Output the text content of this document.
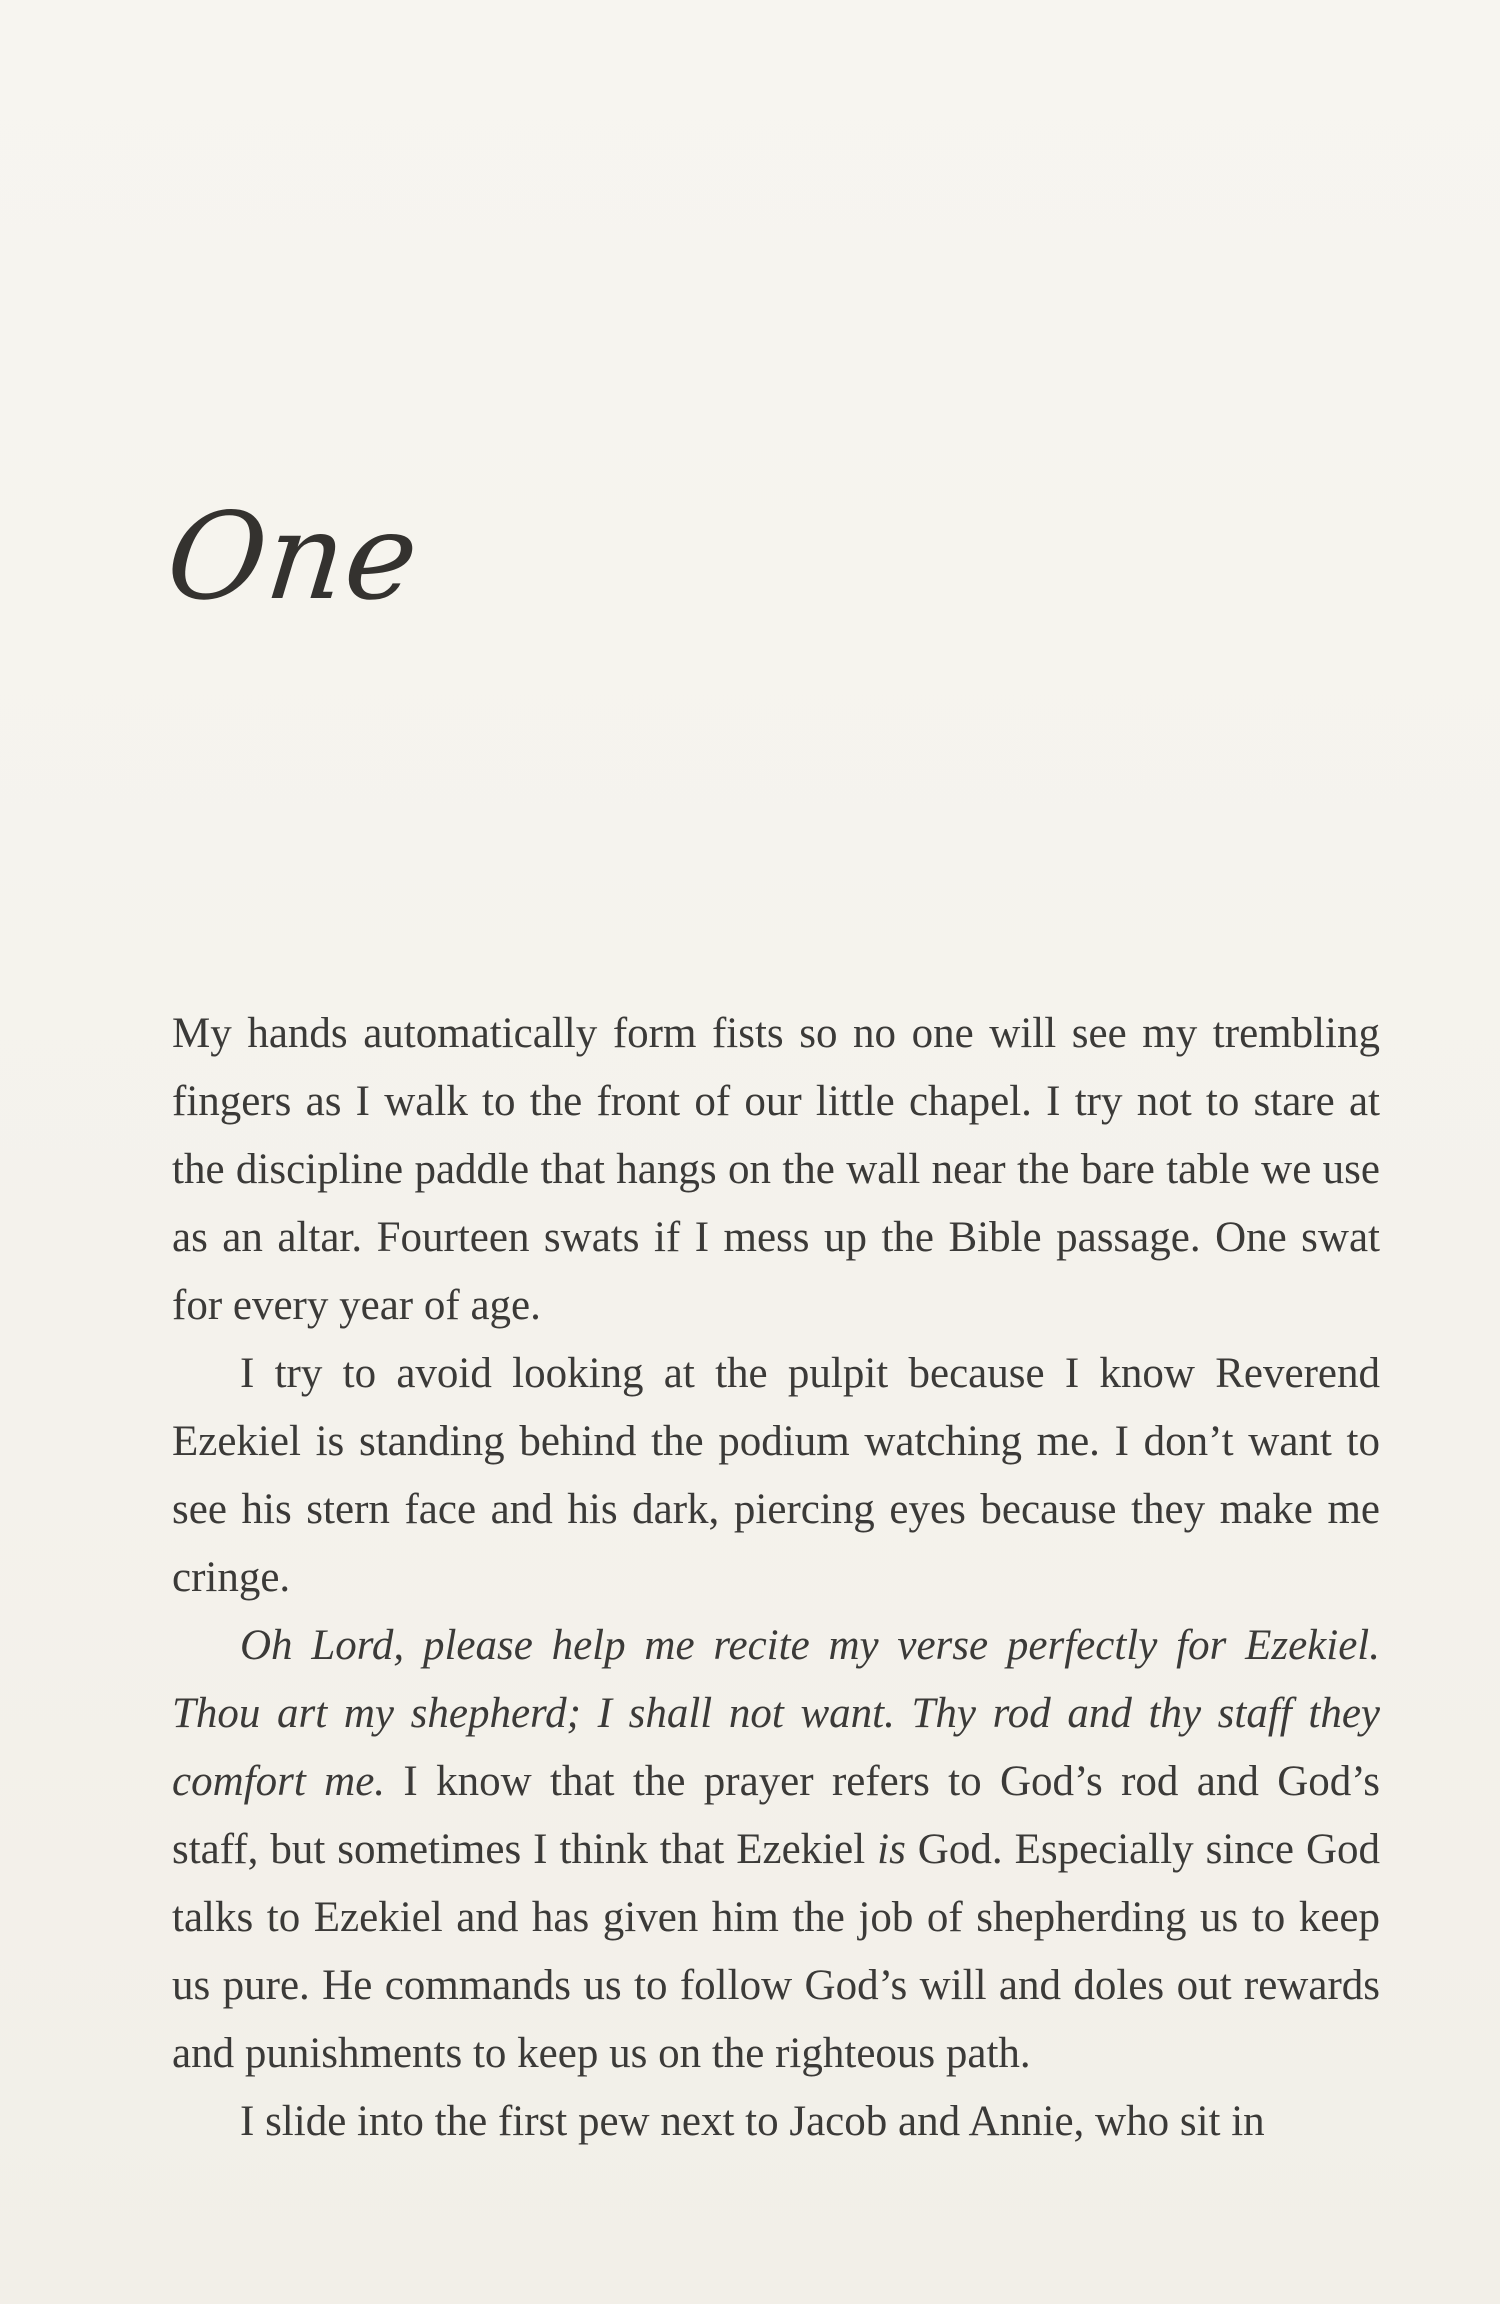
One

My hands automatically form fists so no one will see my trembling fingers as I walk to the front of our little chapel. I try not to stare at the discipline paddle that hangs on the wall near the bare table we use as an altar. Fourteen swats if I mess up the Bible passage. One swat for every year of age.

I try to avoid looking at the pulpit because I know Reverend Ezekiel is standing behind the podium watching me. I don’t want to see his stern face and his dark, piercing eyes because they make me cringe.

Oh Lord, please help me recite my verse perfectly for Ezekiel. Thou art my shepherd; I shall not want. Thy rod and thy staff they comfort me. I know that the prayer refers to God’s rod and God’s staff, but sometimes I think that Ezekiel is God. Especially since God talks to Ezekiel and has given him the job of shepherding us to keep us pure. He commands us to follow God’s will and doles out rewards and punishments to keep us on the righteous path.

I slide into the first pew next to Jacob and Annie, who sit in
